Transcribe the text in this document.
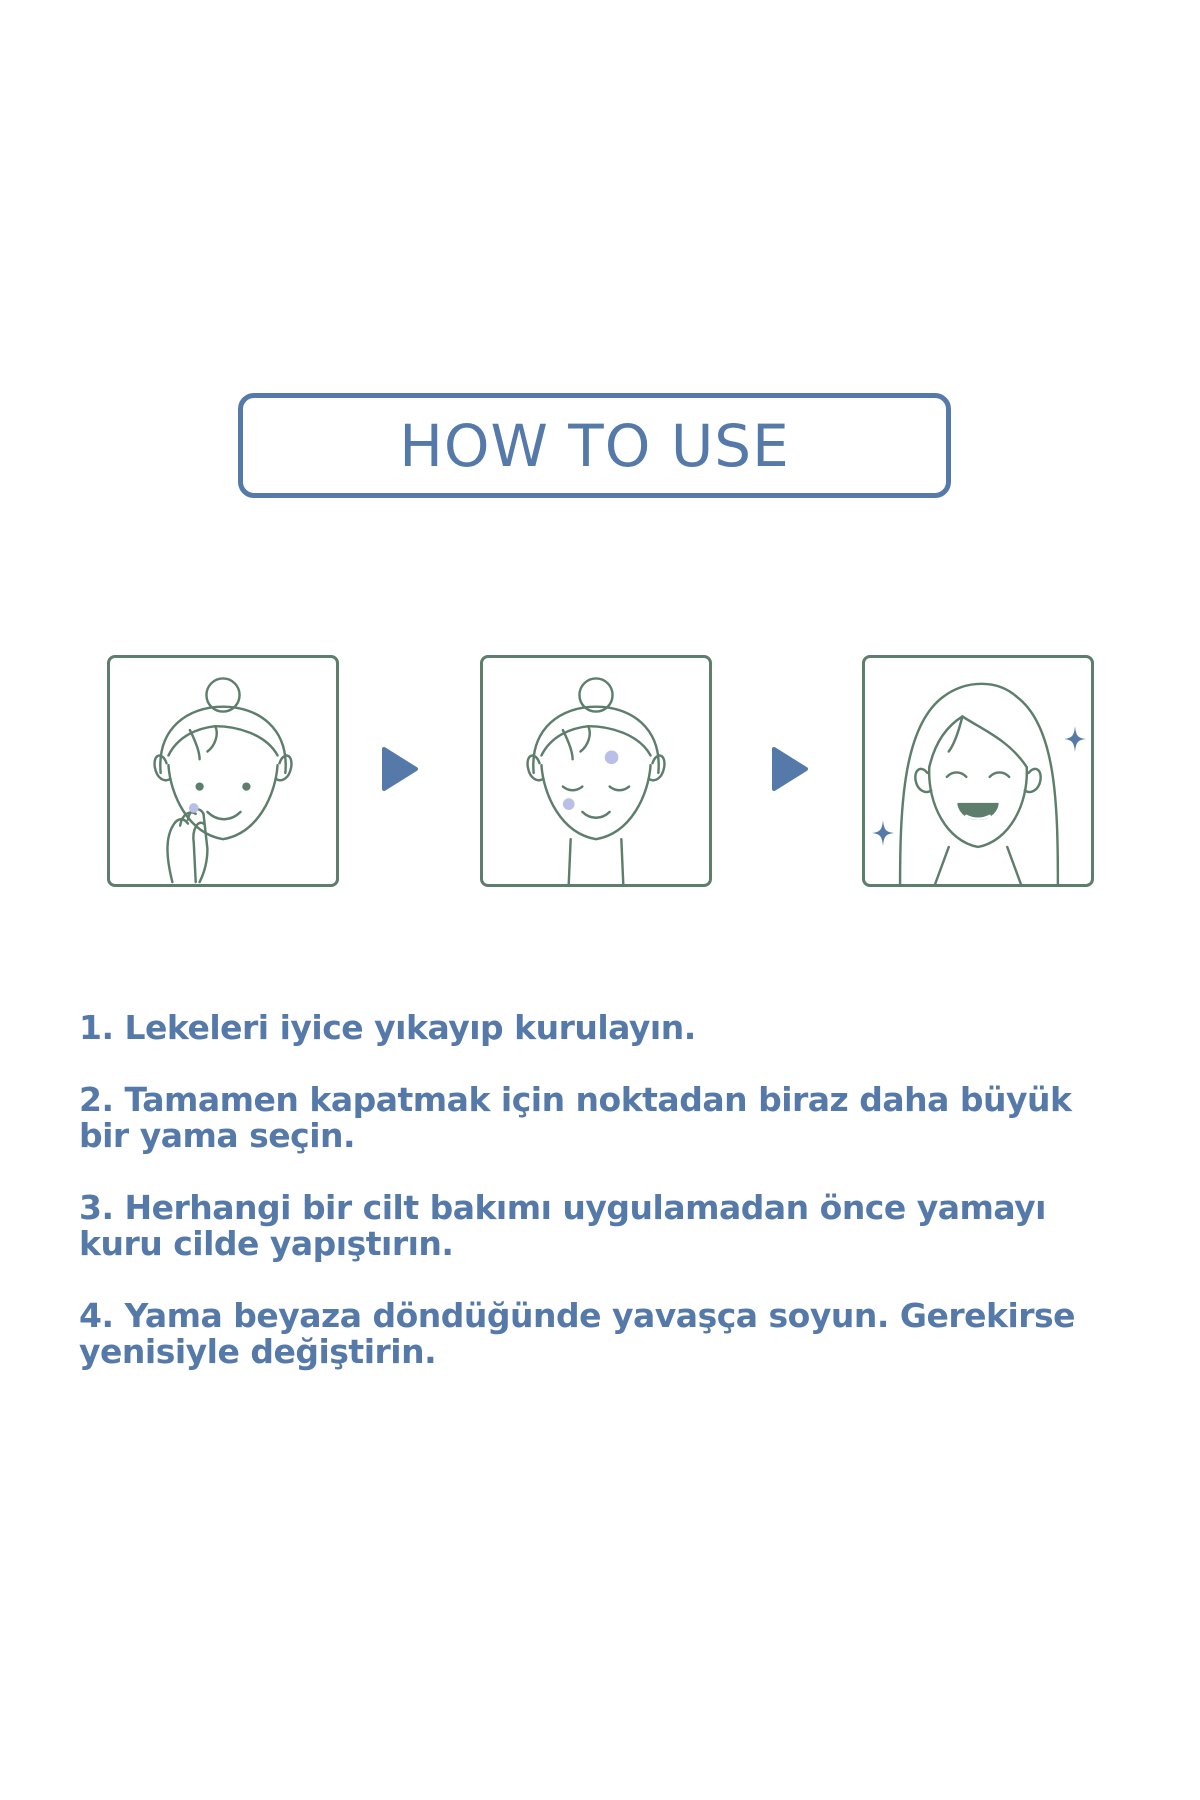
HOW TO USE
1. Lekeleri iyice yıkayıp kurulayın.
2. Tamamen kapatmak için noktadan biraz daha büyük bir yama seçin.
3. Herhangi bir cilt bakımı uygulamadan önce yamayı kuru cilde yapıştırın.
4. Yama beyaza döndüğünde yavaşça soyun. Gerekirse yenisiyle değiştirin.
